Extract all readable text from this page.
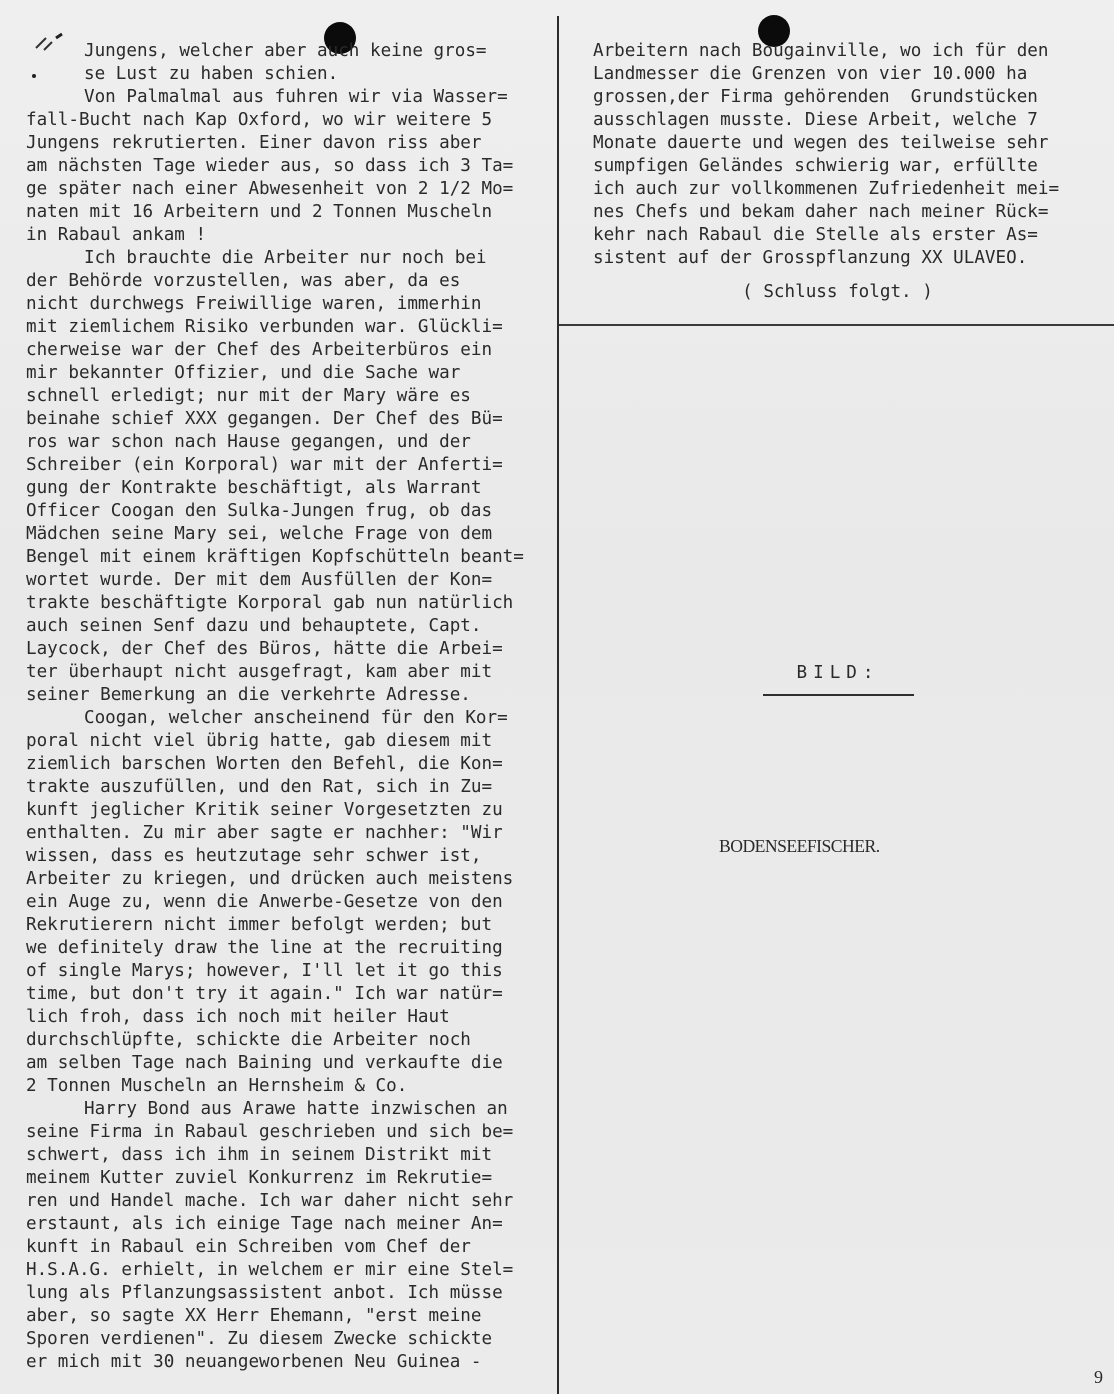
Jungens, welcher aber auch keine gros=
se Lust zu haben schien.
Von Palmalmal aus fuhren wir via Wasser=
fall-Bucht nach Kap Oxford, wo wir weitere 5
Jungens rekrutierten. Einer davon riss aber
am nächsten Tage wieder aus, so dass ich 3 Ta=
ge später nach einer Abwesenheit von 2 1/2 Mo=
naten mit 16 Arbeitern und 2 Tonnen Muscheln
in Rabaul ankam !
Ich brauchte die Arbeiter nur noch bei
der Behörde vorzustellen, was aber, da es
nicht durchwegs Freiwillige waren, immerhin
mit ziemlichem Risiko verbunden war. Glückli=
cherweise war der Chef des Arbeiterbüros ein
mir bekannter Offizier, und die Sache war
schnell erledigt; nur mit der Mary wäre es
beinahe schief XXX gegangen. Der Chef des Bü=
ros war schon nach Hause gegangen, und der
Schreiber (ein Korporal) war mit der Anferti=
gung der Kontrakte beschäftigt, als Warrant
Officer Coogan den Sulka-Jungen frug, ob das
Mädchen seine Mary sei, welche Frage von dem
Bengel mit einem kräftigen Kopfschütteln beant=
wortet wurde. Der mit dem Ausfüllen der Kon=
trakte beschäftigte Korporal gab nun natürlich
auch seinen Senf dazu und behauptete, Capt.
Laycock, der Chef des Büros, hätte die Arbei=
ter überhaupt nicht ausgefragt, kam aber mit
seiner Bemerkung an die verkehrte Adresse.
Coogan, welcher anscheinend für den Kor=
poral nicht viel übrig hatte, gab diesem mit
ziemlich barschen Worten den Befehl, die Kon=
trakte auszufüllen, und den Rat, sich in Zu=
kunft jeglicher Kritik seiner Vorgesetzten zu
enthalten. Zu mir aber sagte er nachher: "Wir
wissen, dass es heutzutage sehr schwer ist,
Arbeiter zu kriegen, und drücken auch meistens
ein Auge zu, wenn die Anwerbe-Gesetze von den
Rekrutierern nicht immer befolgt werden; but
we definitely draw the line at the recruiting
of single Marys; however, I'll let it go this
time, but don't try it again." Ich war natür=
lich froh, dass ich noch mit heiler Haut
durchschlüpfte, schickte die Arbeiter noch
am selben Tage nach Baining und verkaufte die
2 Tonnen Muscheln an Hernsheim & Co.
Harry Bond aus Arawe hatte inzwischen an
seine Firma in Rabaul geschrieben und sich be=
schwert, dass ich ihm in seinem Distrikt mit
meinem Kutter zuviel Konkurrenz im Rekrutie=
ren und Handel mache. Ich war daher nicht sehr
erstaunt, als ich einige Tage nach meiner An=
kunft in Rabaul ein Schreiben vom Chef der
H.S.A.G. erhielt, in welchem er mir eine Stel=
lung als Pflanzungsassistent anbot. Ich müsse
aber, so sagte XX Herr Ehemann, "erst meine
Sporen verdienen". Zu diesem Zwecke schickte
er mich mit 30 neuangeworbenen Neu Guinea -
Arbeitern nach Bougainville, wo ich für den
Landmesser die Grenzen von vier 10.000 ha
grossen,der Firma gehörenden  Grundstücken
ausschlagen musste. Diese Arbeit, welche 7
Monate dauerte und wegen des teilweise sehr
sumpfigen Geländes schwierig war, erfüllte
ich auch zur vollkommenen Zufriedenheit mei=
nes Chefs und bekam daher nach meiner Rück=
kehr nach Rabaul die Stelle als erster As=
sistent auf der Grosspflanzung XX ULAVEO.
( Schluss folgt. )
BILD:
BODENSEEFISCHER.
9
